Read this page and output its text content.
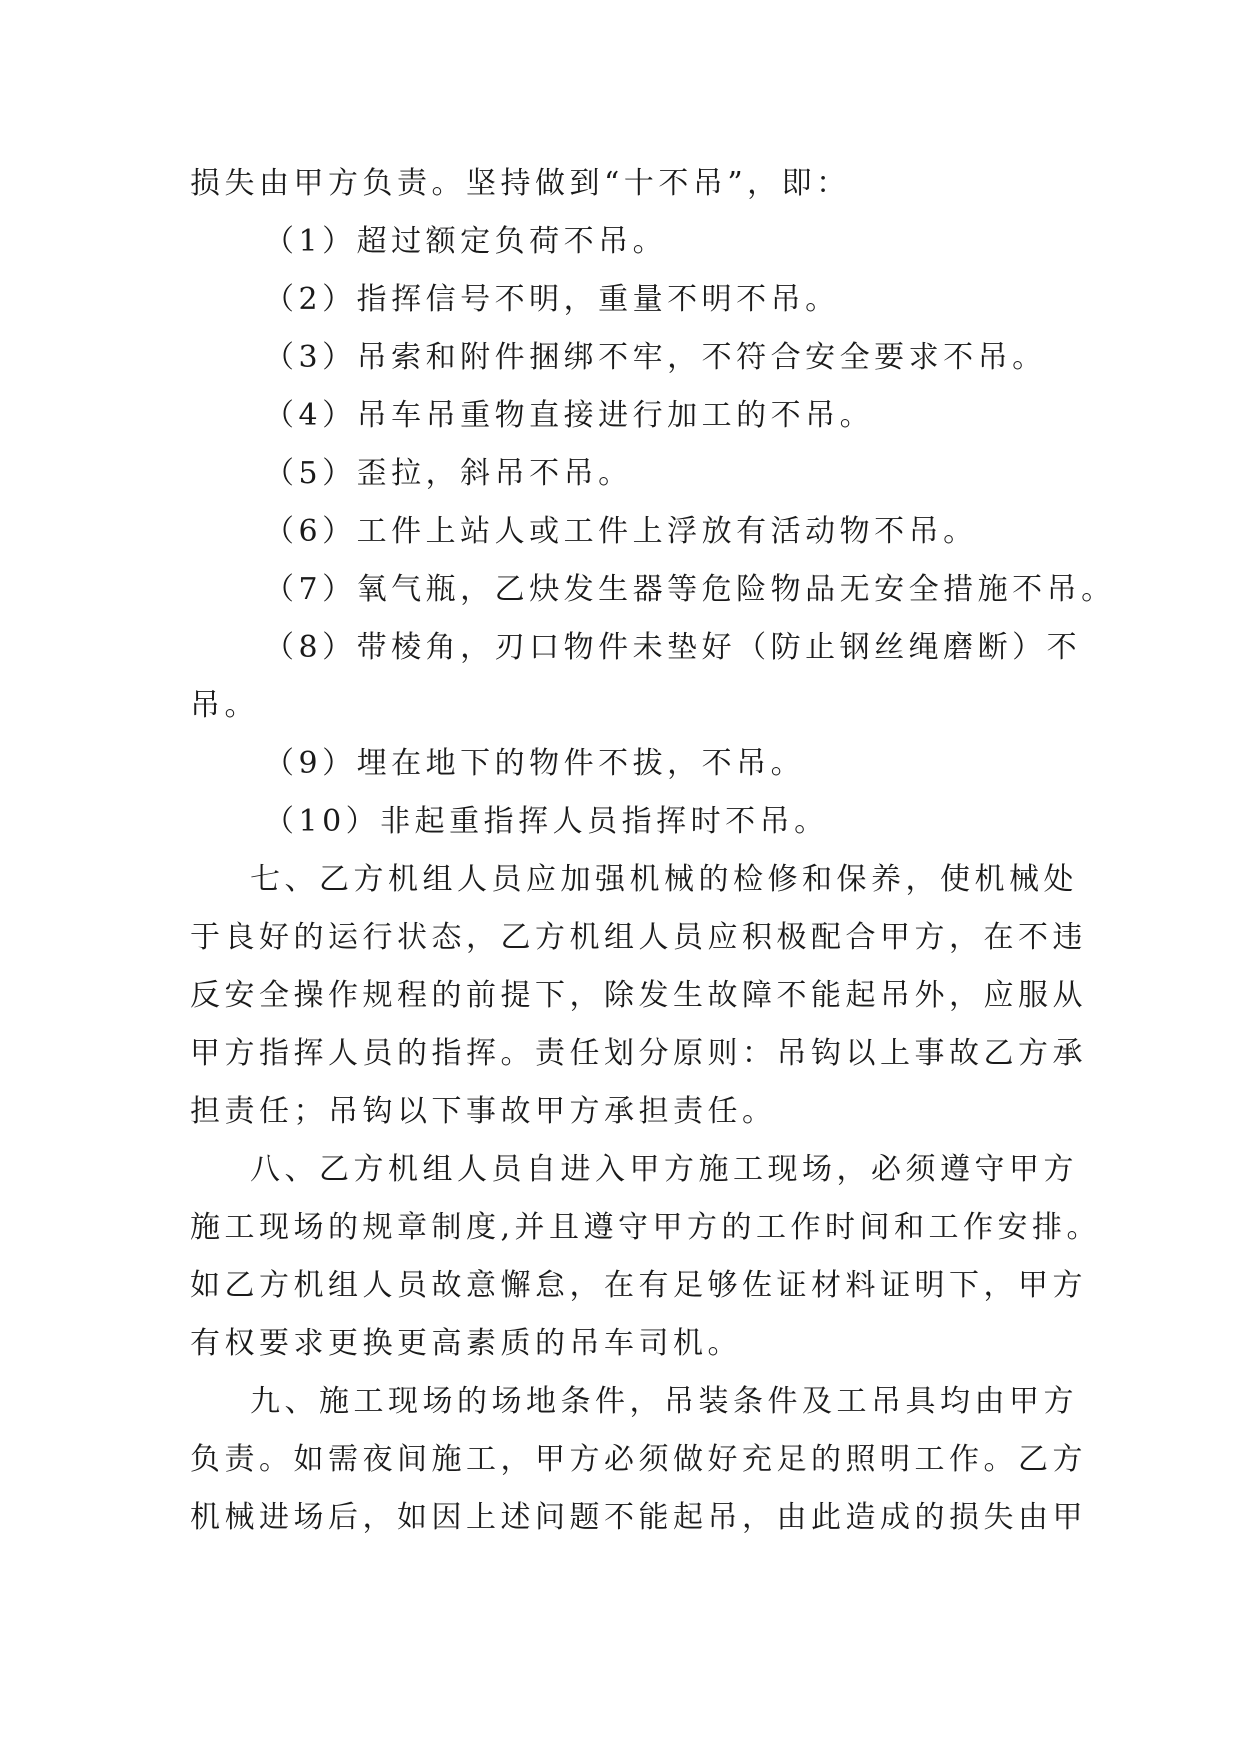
损失由甲方负责。坚持做到“十不吊”，即：

（1）超过额定负荷不吊。

（2）指挥信号不明，重量不明不吊。

（3）吊索和附件捆绑不牢，不符合安全要求不吊。

（4）吊车吊重物直接进行加工的不吊。

（5）歪拉，斜吊不吊。

（6）工件上站人或工件上浮放有活动物不吊。

（7）氧气瓶，乙炔发生器等危险物品无安全措施不吊。

（8）带棱角，刃口物件未垫好（防止钢丝绳磨断）不

吊。

（9）埋在地下的物件不拔，不吊。

（10）非起重指挥人员指挥时不吊。

七、乙方机组人员应加强机械的检修和保养，使机械处

于良好的运行状态，乙方机组人员应积极配合甲方，在不违

反安全操作规程的前提下，除发生故障不能起吊外，应服从

甲方指挥人员的指挥。责任划分原则：吊钩以上事故乙方承

担责任；吊钩以下事故甲方承担责任。

八、乙方机组人员自进入甲方施工现场，必须遵守甲方

施工现场的规章制度,并且遵守甲方的工作时间和工作安排。

如乙方机组人员故意懈怠，在有足够佐证材料证明下，甲方

有权要求更换更高素质的吊车司机。

九、施工现场的场地条件，吊装条件及工吊具均由甲方

负责。如需夜间施工，甲方必须做好充足的照明工作。乙方

机械进场后，如因上述问题不能起吊，由此造成的损失由甲
